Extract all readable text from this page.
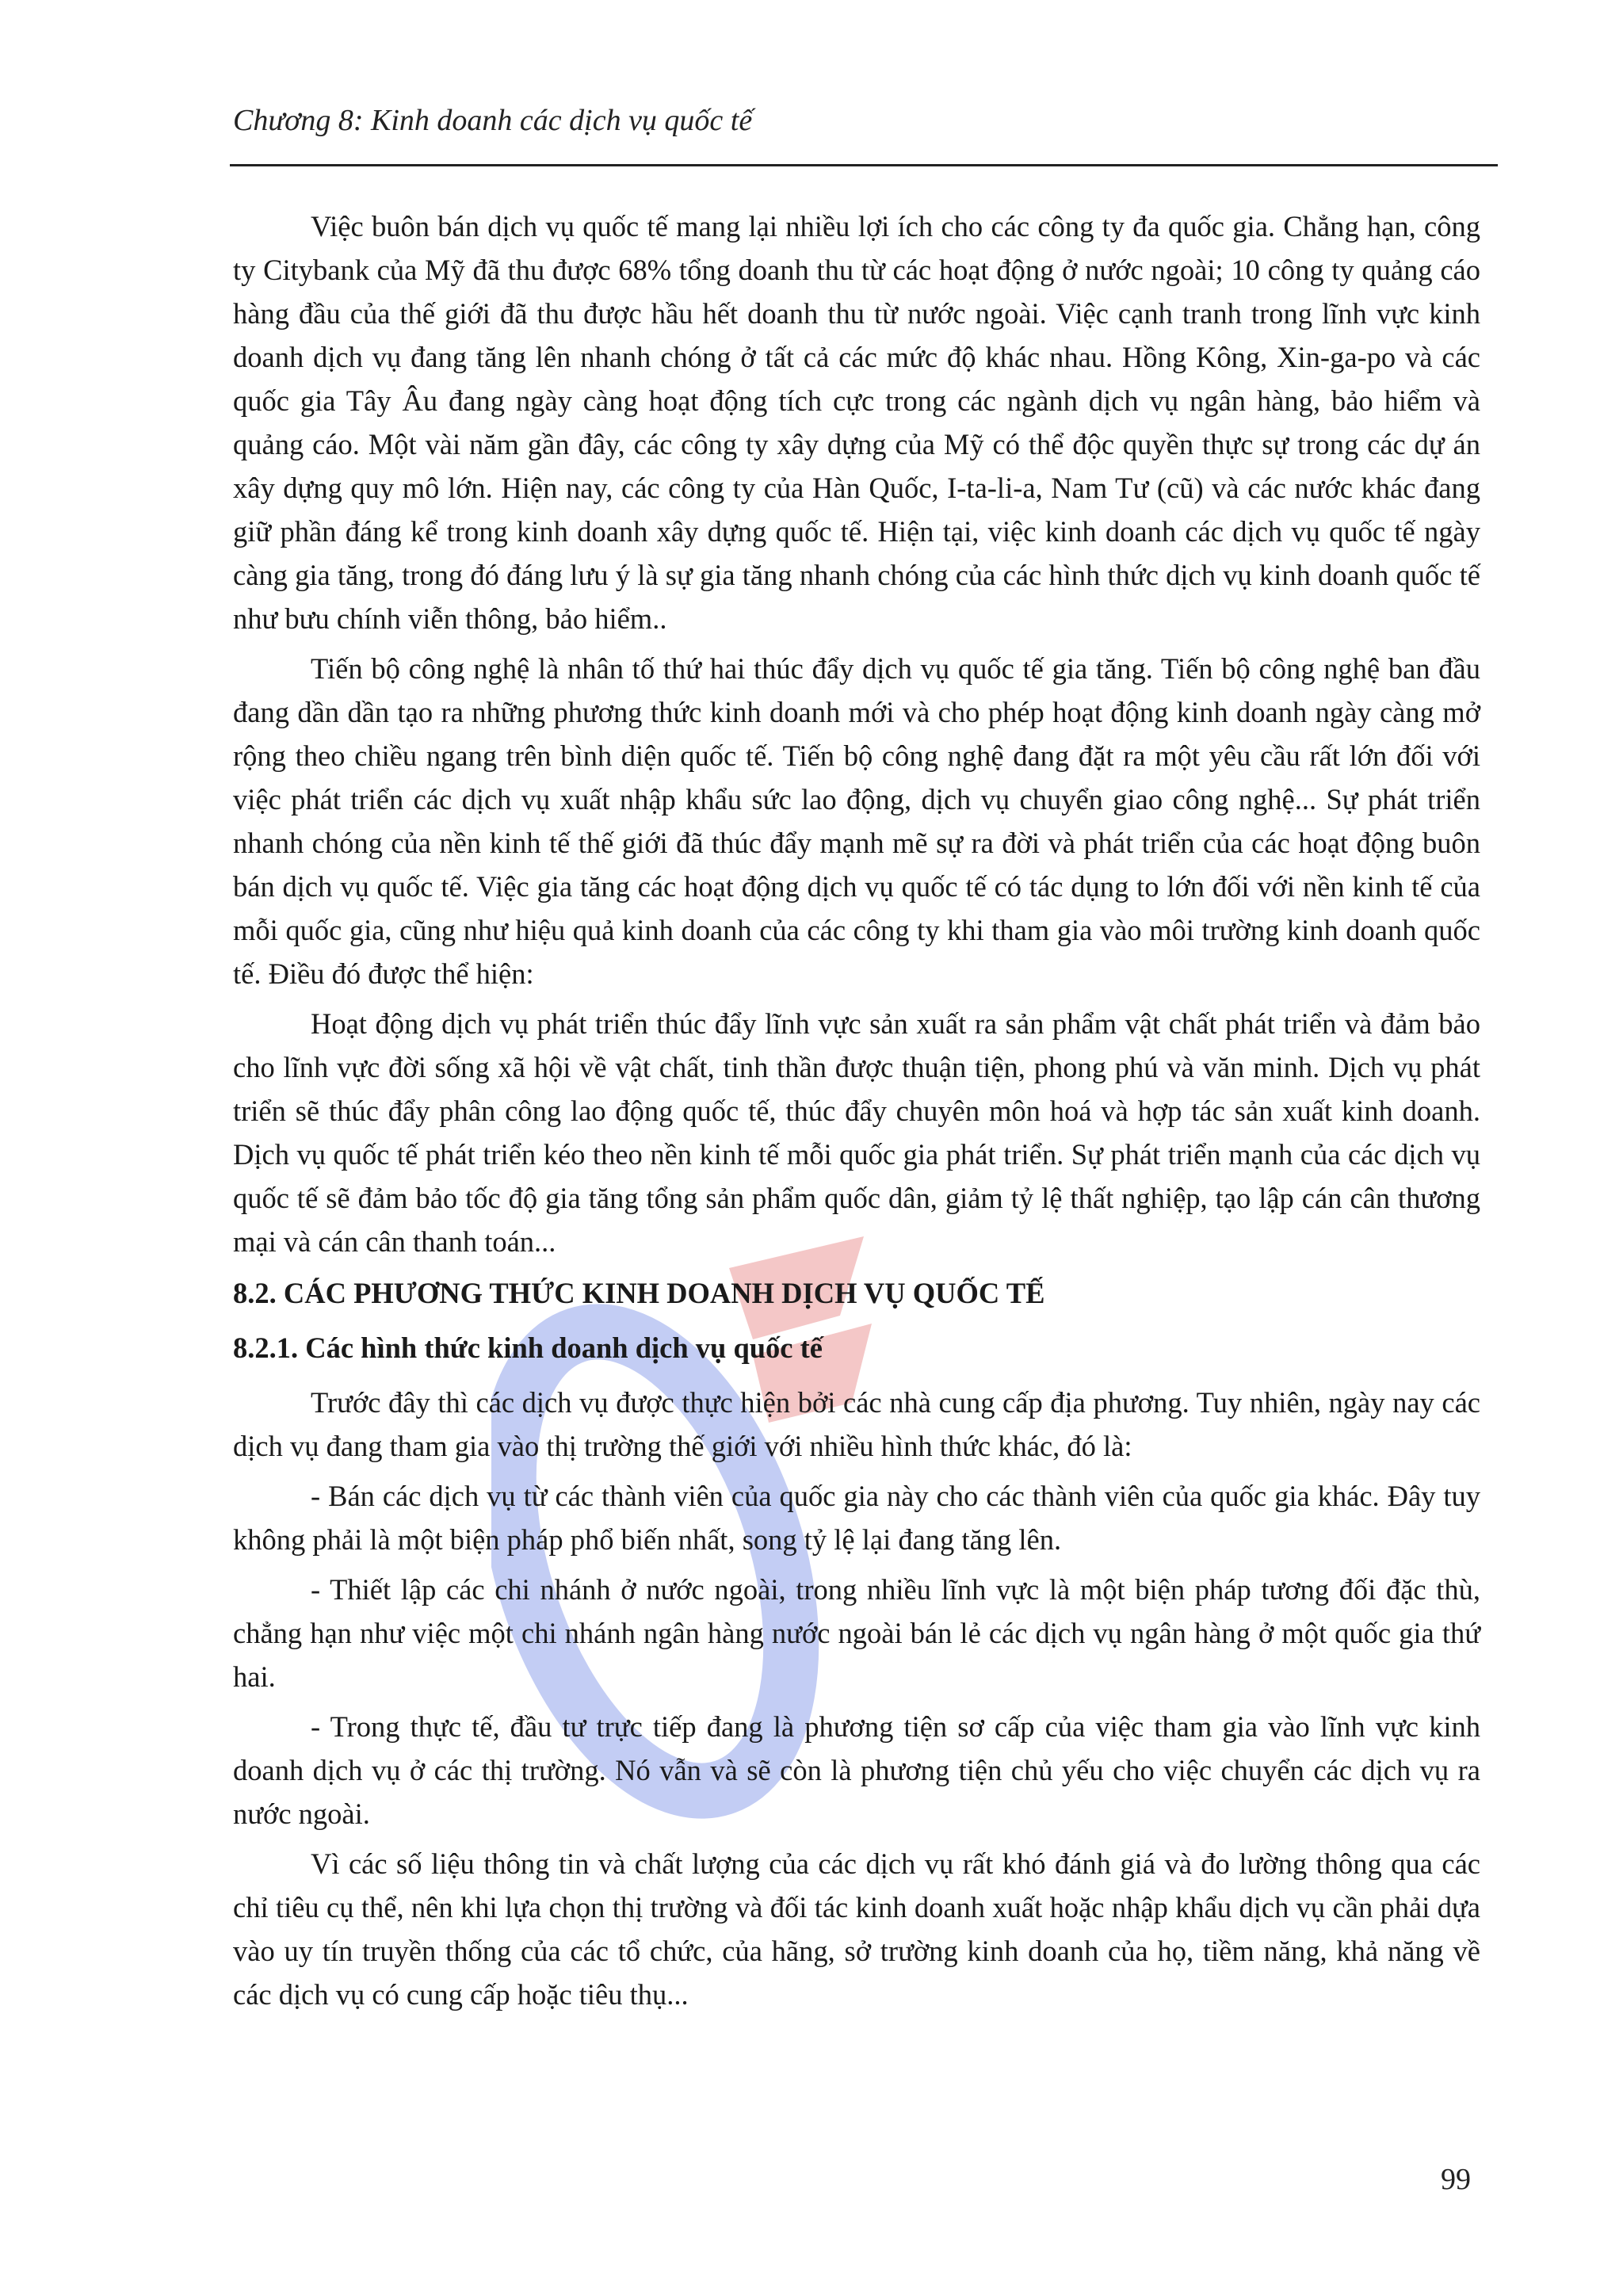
Chương 8: Kinh doanh các dịch vụ quốc tế

Việc buôn bán dịch vụ quốc tế mang lại nhiều lợi ích cho các công ty đa quốc gia. Chẳng hạn, công ty Citybank của Mỹ đã thu được 68% tổng doanh thu từ các hoạt động ở nước ngoài; 10 công ty quảng cáo hàng đầu của thế giới đã thu được hầu hết doanh thu từ nước ngoài. Việc cạnh tranh trong lĩnh vực kinh doanh dịch vụ đang tăng lên nhanh chóng ở tất cả các mức độ khác nhau. Hồng Kông, Xin-ga-po và các quốc gia Tây Âu đang ngày càng hoạt động tích cực trong các ngành dịch vụ ngân hàng, bảo hiểm và quảng cáo. Một vài năm gần đây, các công ty xây dựng của Mỹ có thể độc quyền thực sự trong các dự án xây dựng quy mô lớn. Hiện nay, các công ty của Hàn Quốc, I-ta-li-a, Nam Tư (cũ) và các nước khác đang giữ phần đáng kể trong kinh doanh xây dựng quốc tế. Hiện tại, việc kinh doanh các dịch vụ quốc tế ngày càng gia tăng, trong đó đáng lưu ý là sự gia tăng nhanh chóng của các hình thức dịch vụ kinh doanh quốc tế như bưu chính viễn thông, bảo hiểm..

Tiến bộ công nghệ là nhân tố thứ hai thúc đẩy dịch vụ quốc tế gia tăng. Tiến bộ công nghệ ban đầu đang dần dần tạo ra những phương thức kinh doanh mới và cho phép hoạt động kinh doanh ngày càng mở rộng theo chiều ngang trên bình diện quốc tế. Tiến bộ công nghệ đang đặt ra một yêu cầu rất lớn đối với việc phát triển các dịch vụ xuất nhập khẩu sức lao động, dịch vụ chuyển giao công nghệ... Sự phát triển nhanh chóng của nền kinh tế thế giới đã thúc đẩy mạnh mẽ sự ra đời và phát triển của các hoạt động buôn bán dịch vụ quốc tế. Việc gia tăng các hoạt động dịch vụ quốc tế có tác dụng to lớn đối với nền kinh tế của mỗi quốc gia, cũng như hiệu quả kinh doanh của các công ty khi tham gia vào môi trường kinh doanh quốc tế. Điều đó được thể hiện:

Hoạt động dịch vụ phát triển thúc đẩy lĩnh vực sản xuất ra sản phẩm vật chất phát triển và đảm bảo cho lĩnh vực đời sống xã hội về vật chất, tinh thần được thuận tiện, phong phú và văn minh. Dịch vụ phát triển sẽ thúc đẩy phân công lao động quốc tế, thúc đẩy chuyên môn hoá và hợp tác sản xuất kinh doanh. Dịch vụ quốc tế phát triển kéo theo nền kinh tế mỗi quốc gia phát triển. Sự phát triển mạnh của các dịch vụ quốc tế sẽ đảm bảo tốc độ gia tăng tổng sản phẩm quốc dân, giảm tỷ lệ thất nghiệp, tạo lập cán cân thương mại và cán cân thanh toán...

8.2. CÁC PHƯƠNG THỨC KINH DOANH DỊCH VỤ QUỐC TẾ
8.2.1. Các hình thức kinh doanh dịch vụ quốc tế

Trước đây thì các dịch vụ được thực hiện bởi các nhà cung cấp địa phương. Tuy nhiên, ngày nay các dịch vụ đang tham gia vào thị trường thế giới với nhiều hình thức khác, đó là:

- Bán các dịch vụ từ các thành viên của quốc gia này cho các thành viên của quốc gia khác. Đây tuy không phải là một biện pháp phổ biến nhất, song tỷ lệ lại đang tăng lên.

- Thiết lập các chi nhánh ở nước ngoài, trong nhiều lĩnh vực là một biện pháp tương đối đặc thù, chẳng hạn như việc một chi nhánh ngân hàng nước ngoài bán lẻ các dịch vụ ngân hàng ở một quốc gia thứ hai.

- Trong thực tế, đầu tư trực tiếp đang là phương tiện sơ cấp của việc tham gia vào lĩnh vực kinh doanh dịch vụ ở các thị trường. Nó vẫn và sẽ còn là phương tiện chủ yếu cho việc chuyển các dịch vụ ra nước ngoài.

Vì các số liệu thông tin và chất lượng của các dịch vụ rất khó đánh giá và đo lường thông qua các chỉ tiêu cụ thể, nên khi lựa chọn thị trường và đối tác kinh doanh xuất hoặc nhập khẩu dịch vụ cần phải dựa vào uy tín truyền thống của các tổ chức, của hãng, sở trường kinh doanh của họ, tiềm năng, khả năng về các dịch vụ có cung cấp hoặc tiêu thụ...

99
